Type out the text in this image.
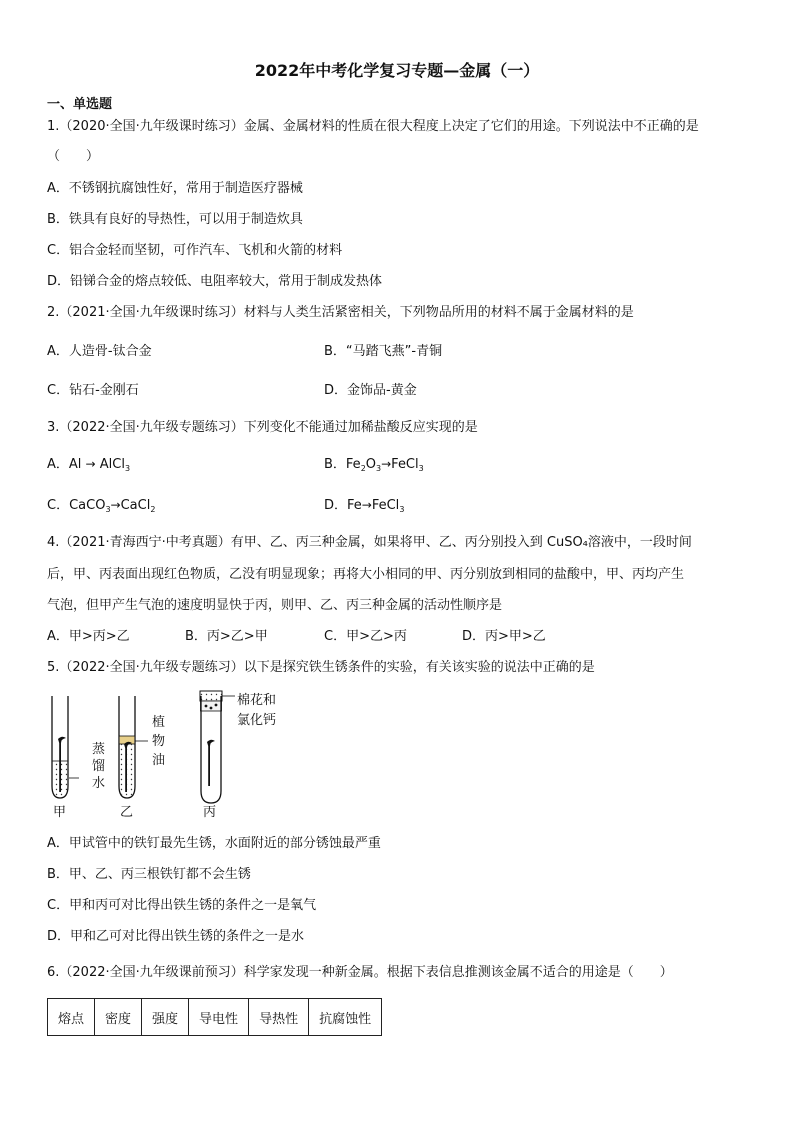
2022年中考化学复习专题—金属（一）
一、单选题
1.（2020·全国·九年级课时练习）金属、金属材料的性质在很大程度上决定了它们的用途。下列说法中不正确的是
（　　）
A．不锈钢抗腐蚀性好，常用于制造医疗器械
B．铁具有良好的导热性，可以用于制造炊具
C．铝合金轻而坚韧，可作汽车、飞机和火箭的材料
D．铅锑合金的熔点较低、电阻率较大，常用于制成发热体
2.（2021·全国·九年级课时练习）材料与人类生活紧密相关，下列物品所用的材料不属于金属材料的是
A．人造骨-钛合金	B．“马踏飞燕”-青铜
C．钻石-金刚石	D．金饰品-黄金
3.（2022·全国·九年级专题练习）下列变化不能通过加稀盐酸反应实现的是
A．Al → AlCl$_3$	B．$Fe_2O_3\to FeCl_3$
C．CaCO$_3$→CaCl$_2$	D．Fe→FeCl$_3$
4.（2021·青海西宁·中考真题）有甲、乙、丙三种金属，如果将甲、乙、丙分别投入到 CuSO₄溶液中，一段时间
后，甲、丙表面出现红色物质，乙没有明显现象；再将大小相同的甲、丙分别放到相同的盐酸中，甲、丙均产生
气泡，但甲产生气泡的速度明显快于丙，则甲、乙、丙三种金属的活动性顺序是
A．甲>丙>乙	B．丙>乙>甲	C．甲>乙>丙	D．丙>甲>乙
5.（2022·全国·九年级专题练习）以下是探究铁生锈条件的实验，有关该实验的说法中正确的是
蒸
馏
水
甲
植
物
油
乙
棉花和
氯化钙
丙
A．甲试管中的铁钉最先生锈，水面附近的部分锈蚀最严重
B．甲、乙、丙三根铁钉都不会生锈
C．甲和丙可对比得出铁生锈的条件之一是氧气
D．甲和乙可对比得出铁生锈的条件之一是水
6.（2022·全国·九年级课前预习）科学家发现一种新金属。根据下表信息推测该金属不适合的用途是（　　）
熔点	密度	强度	导电性	导热性	抗腐蚀性
